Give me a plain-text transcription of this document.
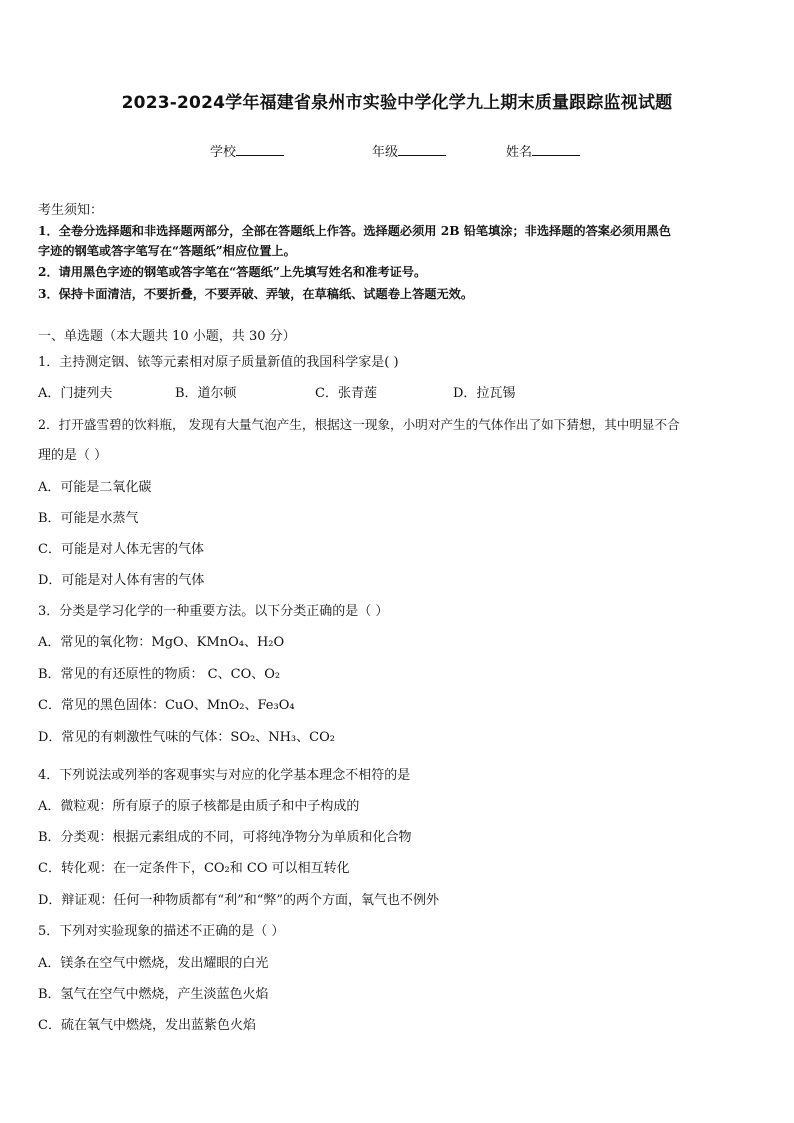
2023-2024学年福建省泉州市实验中学化学九上期末质量跟踪监视试题
学校	年级	姓名
考生须知：
1．全卷分选择题和非选择题两部分，全部在答题纸上作答。选择题必须用 2B 铅笔填涂；非选择题的答案必须用黑色
字迹的钢笔或答字笔写在“答题纸”相应位置上。
2．请用黑色字迹的钢笔或答字笔在“答题纸”上先填写姓名和准考证号。
3．保持卡面清洁，不要折叠，不要弄破、弄皱，在草稿纸、试题卷上答题无效。
一、单选题（本大题共 10 小题，共 30 分）
1．主持测定铟、铱等元素相对原子质量新值的我国科学家是( )
A．门捷列夫	B．道尔顿	C．张青莲	D．拉瓦锡
2．打开盛雪碧的饮料瓶， 发现有大量气泡产生，根据这一现象，小明对产生的气体作出了如下猜想，其中明显不合
理的是（ ）
A．可能是二氧化碳
B．可能是水蒸气
C．可能是对人体无害的气体
D．可能是对人体有害的气体
3．分类是学习化学的一种重要方法。以下分类正确的是（ ）
A．常见的氧化物：MgO、KMnO₄、H₂O
B．常见的有还原性的物质： C、CO、O₂
C．常见的黑色固体：CuO、MnO₂、Fe₃O₄
D．常见的有刺激性气味的气体：SO₂、NH₃、CO₂
4．下列说法或列举的客观事实与对应的化学基本理念不相符的是
A．微粒观：所有原子的原子核都是由质子和中子构成的
B．分类观：根据元素组成的不同，可将纯净物分为单质和化合物
C．转化观：在一定条件下，CO₂和 CO 可以相互转化
D．辩证观：任何一种物质都有“利”和“弊”的两个方面，氧气也不例外
5．下列对实验现象的描述不正确的是（ ）
A．镁条在空气中燃烧，发出耀眼的白光
B．氢气在空气中燃烧，产生淡蓝色火焰
C．硫在氧气中燃烧，发出蓝紫色火焰
